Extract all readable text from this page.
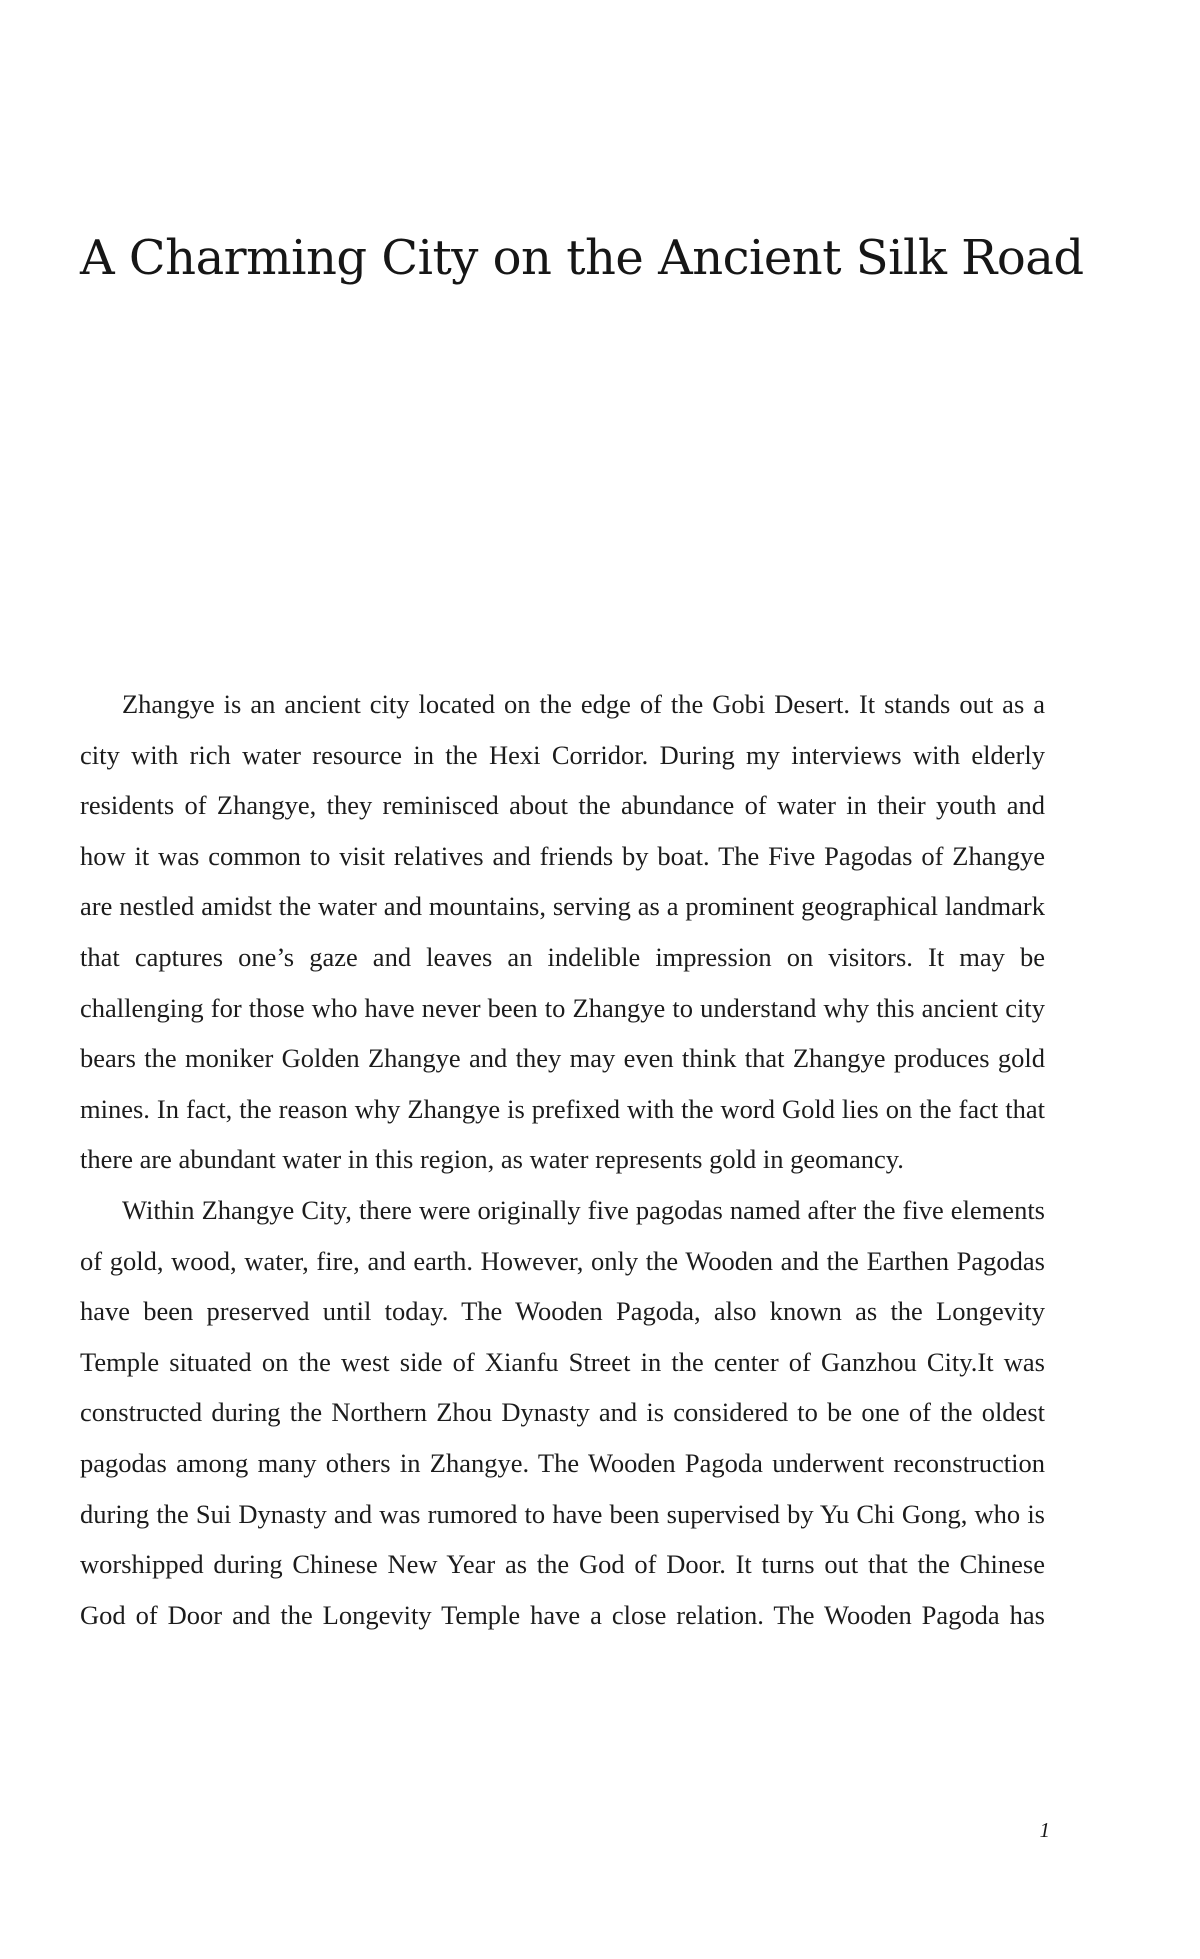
A Charming City on the Ancient Silk Road

Zhangye is an ancient city located on the edge of the Gobi Desert. It stands out as a city with rich water resource in the Hexi Corridor. During my interviews with elderly residents of Zhangye, they reminisced about the abundance of water in their youth and how it was common to visit relatives and friends by boat. The Five Pagodas of Zhangye are nestled amidst the water and mountains, serving as a prominent geographical landmark that captures one’s gaze and leaves an indelible impression on visitors. It may be challenging for those who have never been to Zhangye to understand why this ancient city bears the moniker Golden Zhangye and they may even think that Zhangye produces gold mines. In fact, the reason why Zhangye is prefixed with the word Gold lies on the fact that there are abundant water in this region, as water represents gold in geomancy.

Within Zhangye City, there were originally five pagodas named after the five elements of gold, wood, water, fire, and earth. However, only the Wooden and the Earthen Pagodas have been preserved until today. The Wooden Pagoda, also known as the Longevity Temple situated on the west side of Xianfu Street in the center of Ganzhou City.It was constructed during the Northern Zhou Dynasty and is considered to be one of the oldest pagodas among many others in Zhangye. The Wooden Pagoda underwent reconstruction during the Sui Dynasty and was rumored to have been supervised by Yu Chi Gong, who is worshipped during Chinese New Year as the God of Door. It turns out that the Chinese God of Door and the Longevity Temple have a close relation. The Wooden Pagoda has

1
